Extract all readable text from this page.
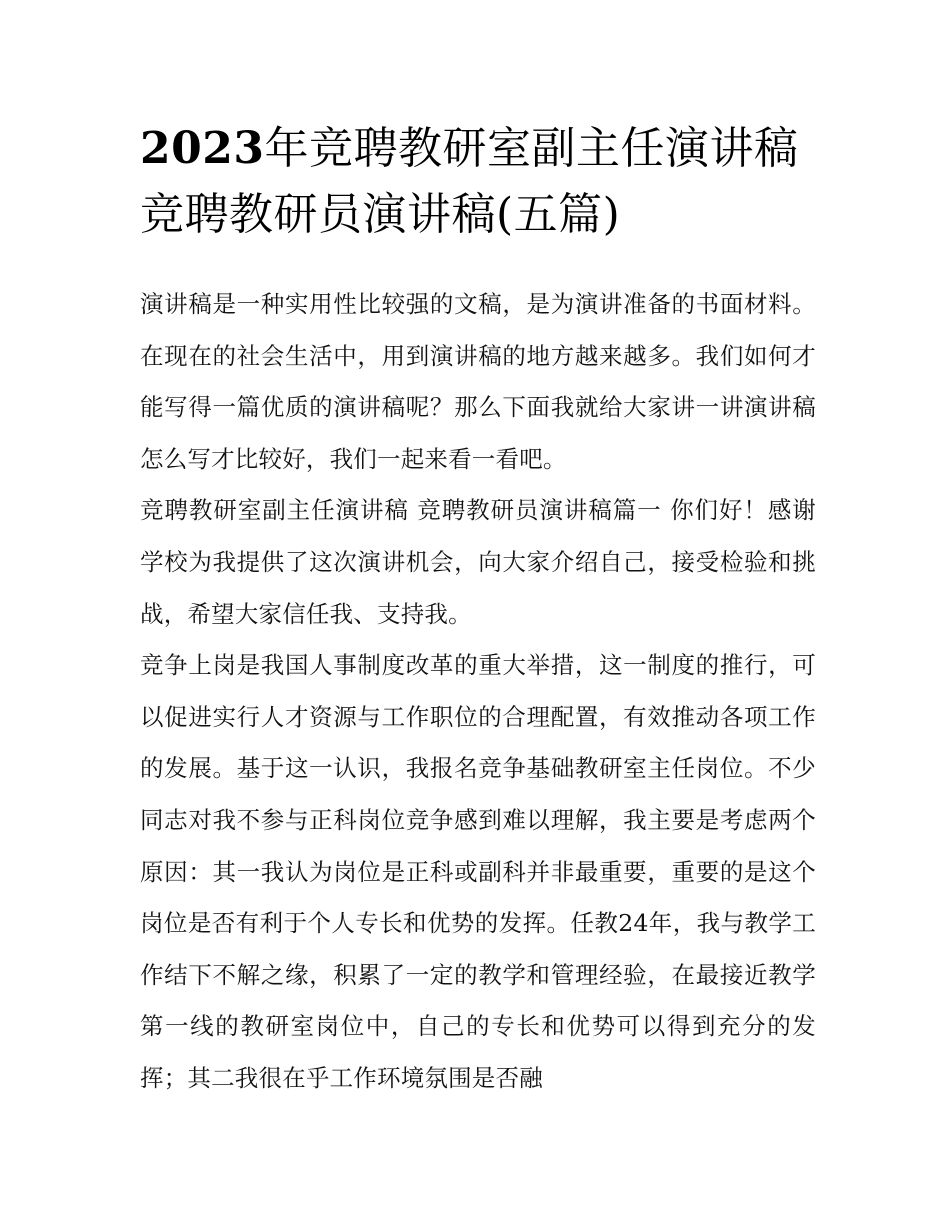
2023年竞聘教研室副主任演讲稿 竞聘教研员演讲稿(五篇)

演讲稿是一种实用性比较强的文稿，是为演讲准备的书面材料。在现在的社会生活中，用到演讲稿的地方越来越多。我们如何才能写得一篇优质的演讲稿呢？那么下面我就给大家讲一讲演讲稿怎么写才比较好，我们一起来看一看吧。

竞聘教研室副主任演讲稿 竞聘教研员演讲稿篇一 你们好！感谢学校为我提供了这次演讲机会，向大家介绍自己，接受检验和挑战，希望大家信任我、支持我。

竞争上岗是我国人事制度改革的重大举措，这一制度的推行，可以促进实行人才资源与工作职位的合理配置，有效推动各项工作的发展。基于这一认识，我报名竞争基础教研室主任岗位。不少同志对我不参与正科岗位竞争感到难以理解，我主要是考虑两个原因：其一我认为岗位是正科或副科并非最重要，重要的是这个岗位是否有利于个人专长和优势的发挥。任教24年，我与教学工作结下不解之缘，积累了一定的教学和管理经验，在最接近教学第一线的教研室岗位中，自己的专长和优势可以得到充分的发挥；其二我很在乎工作环境氛围是否融
